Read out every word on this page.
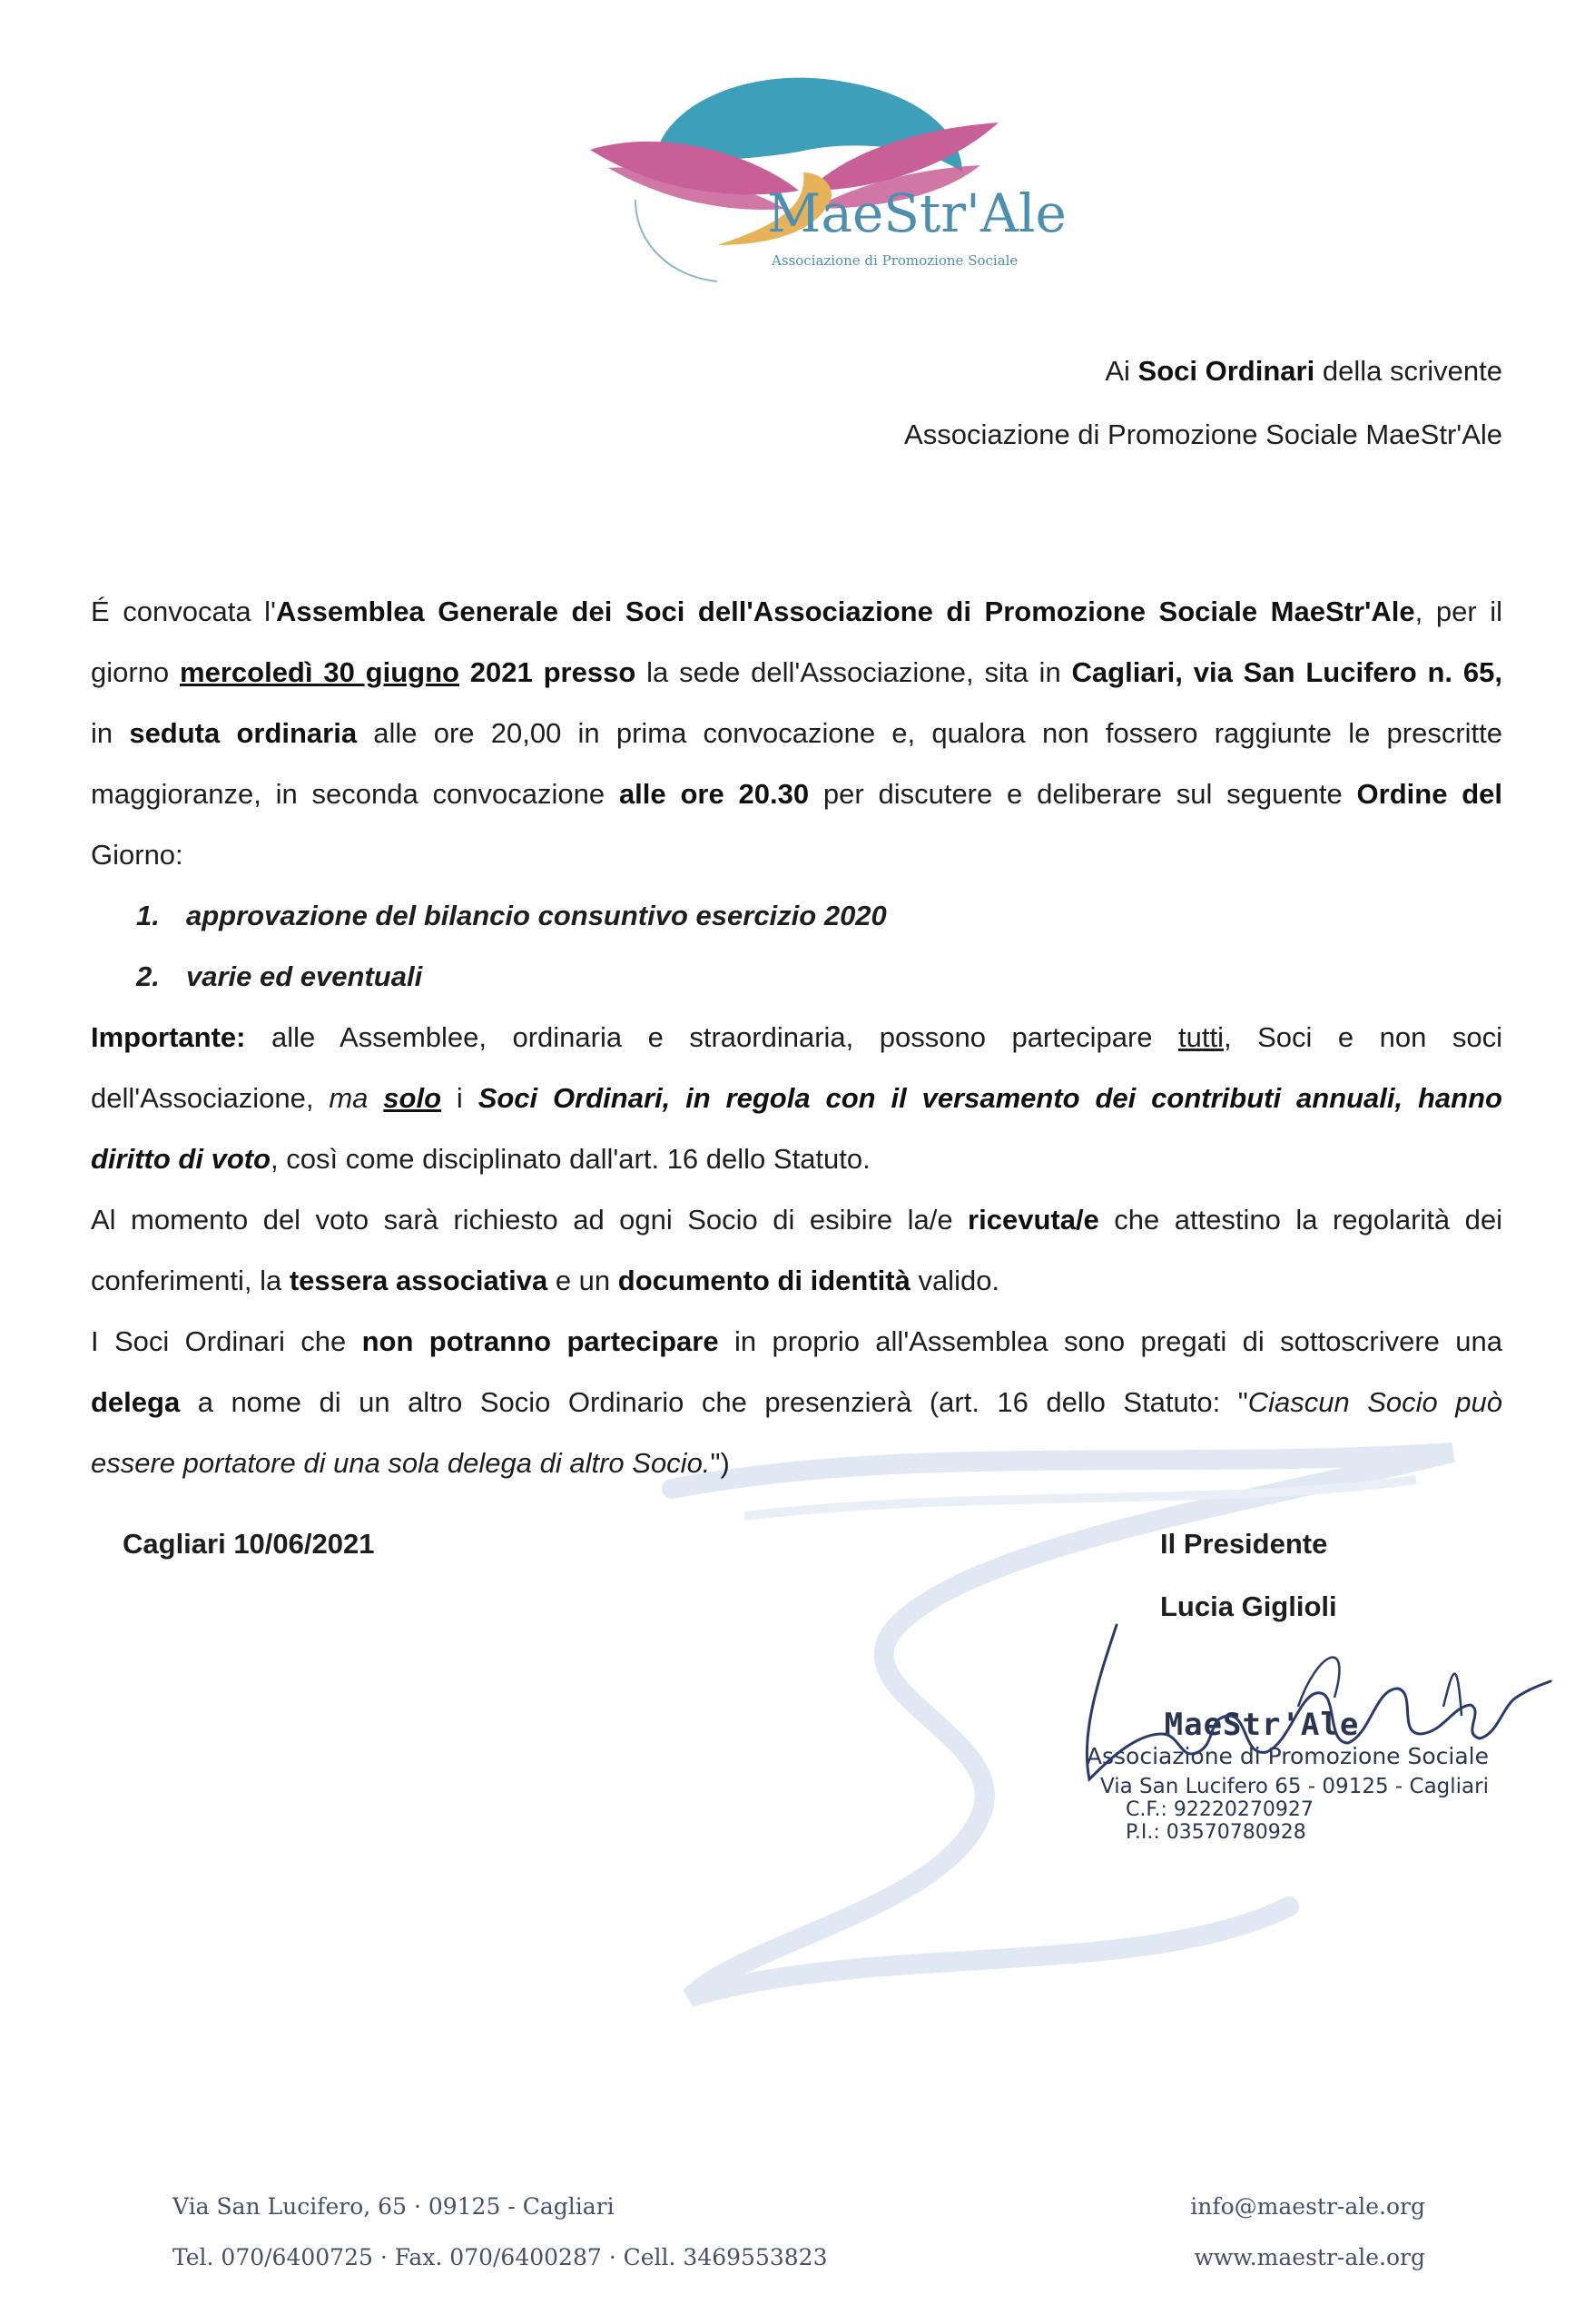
MaeStr'Ale
Associazione di Promozione Sociale
Ai Soci Ordinari della scrivente
Associazione di Promozione Sociale MaeStr'Ale
É convocata l'Assemblea Generale dei Soci dell'Associazione di Promozione Sociale MaeStr'Ale, per il
giorno mercoledì 30 giugno 2021 presso la sede dell'Associazione, sita in Cagliari, via San Lucifero n. 65,
in seduta ordinaria alle ore 20,00 in prima convocazione e, qualora non fossero raggiunte le prescritte
maggioranze, in seconda convocazione alle ore 20.30 per discutere e deliberare sul seguente Ordine del
Giorno:
1. approvazione del bilancio consuntivo esercizio 2020
2. varie ed eventuali
Importante: alle Assemblee, ordinaria e straordinaria, possono partecipare tutti, Soci e non soci
dell'Associazione, ma solo i Soci Ordinari, in regola con il versamento dei contributi annuali, hanno
diritto di voto, così come disciplinato dall'art. 16 dello Statuto.
Al momento del voto sarà richiesto ad ogni Socio di esibire la/e ricevuta/e che attestino la regolarità dei
conferimenti, la tessera associativa e un documento di identità valido.
I Soci Ordinari che non potranno partecipare in proprio all'Assemblea sono pregati di sottoscrivere una
delega a nome di un altro Socio Ordinario che presenzierà (art. 16 dello Statuto: "Ciascun Socio può
essere portatore di una sola delega di altro Socio.")
Cagliari 10/06/2021	Il Presidente
Lucia Giglioli
MaeStr'Ale
Associazione di Promozione Sociale
Via San Lucifero 65 - 09125 - Cagliari
C.F.: 92220270927
P.I.: 03570780928
Via San Lucifero, 65 · 09125 - Cagliari
Tel. 070/6400725 · Fax. 070/6400287 · Cell. 3469553823
info@maestr-ale.org
www.maestr-ale.org
